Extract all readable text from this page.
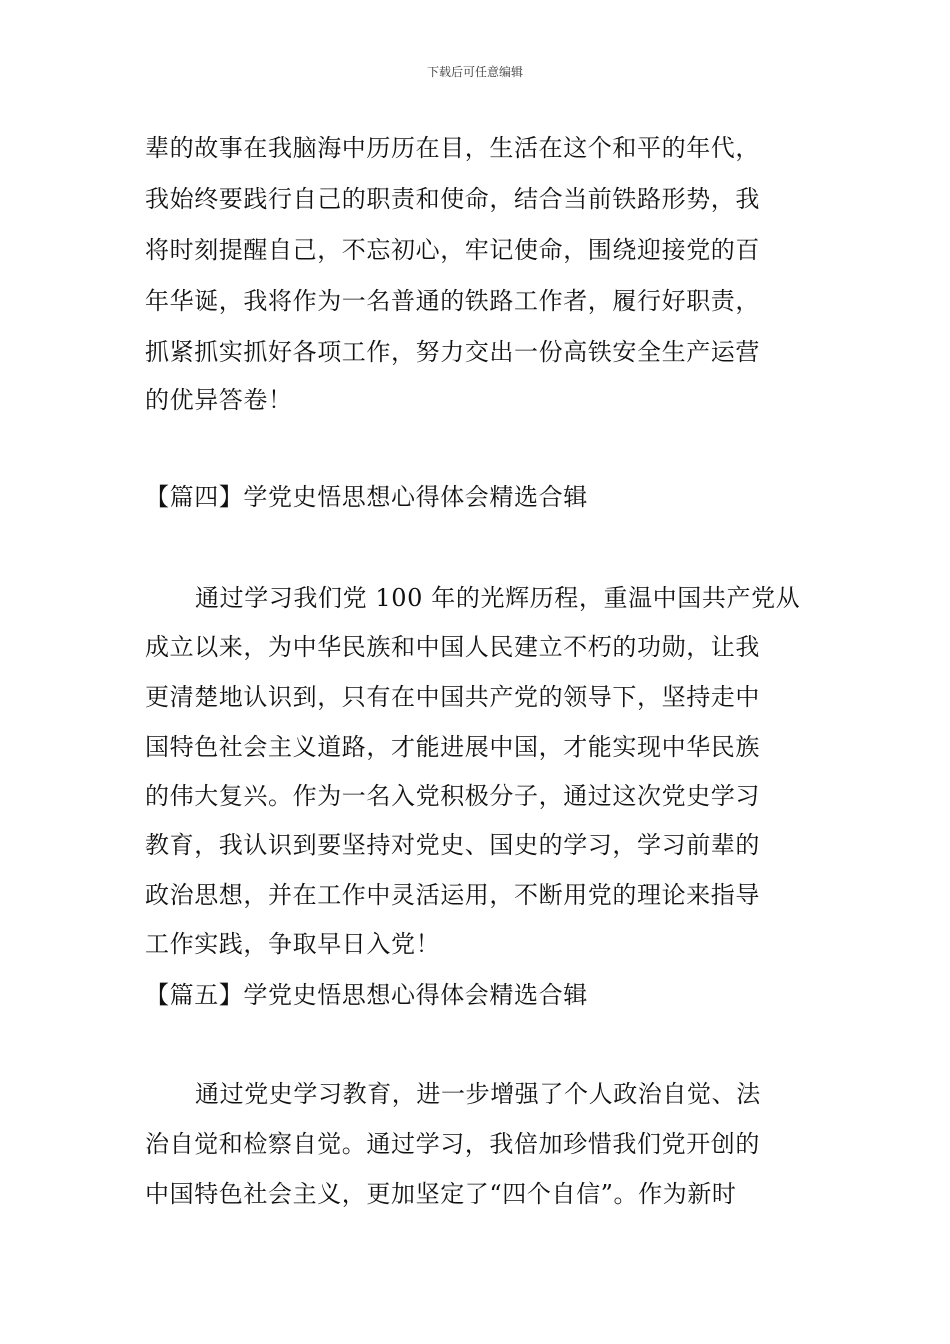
下载后可任意编辑
辈的故事在我脑海中历历在目，生活在这个和平的年代，
我始终要践行自己的职责和使命，结合当前铁路形势，我
将时刻提醒自己，不忘初心，牢记使命，围绕迎接党的百
年华诞，我将作为一名普通的铁路工作者，履行好职责，
抓紧抓实抓好各项工作，努力交出一份高铁安全生产运营
的优异答卷！
【篇四】学党史悟思想心得体会精选合辑
通过学习我们党 100 年的光辉历程，重温中国共产党从
成立以来，为中华民族和中国人民建立不朽的功勋，让我
更清楚地认识到，只有在中国共产党的领导下，坚持走中
国特色社会主义道路，才能进展中国，才能实现中华民族
的伟大复兴。作为一名入党积极分子，通过这次党史学习
教育，我认识到要坚持对党史、国史的学习，学习前辈的
政治思想，并在工作中灵活运用，不断用党的理论来指导
工作实践，争取早日入党！
【篇五】学党史悟思想心得体会精选合辑
通过党史学习教育，进一步增强了个人政治自觉、法
治自觉和检察自觉。通过学习，我倍加珍惜我们党开创的
中国特色社会主义，更加坚定了“四个自信”。作为新时
